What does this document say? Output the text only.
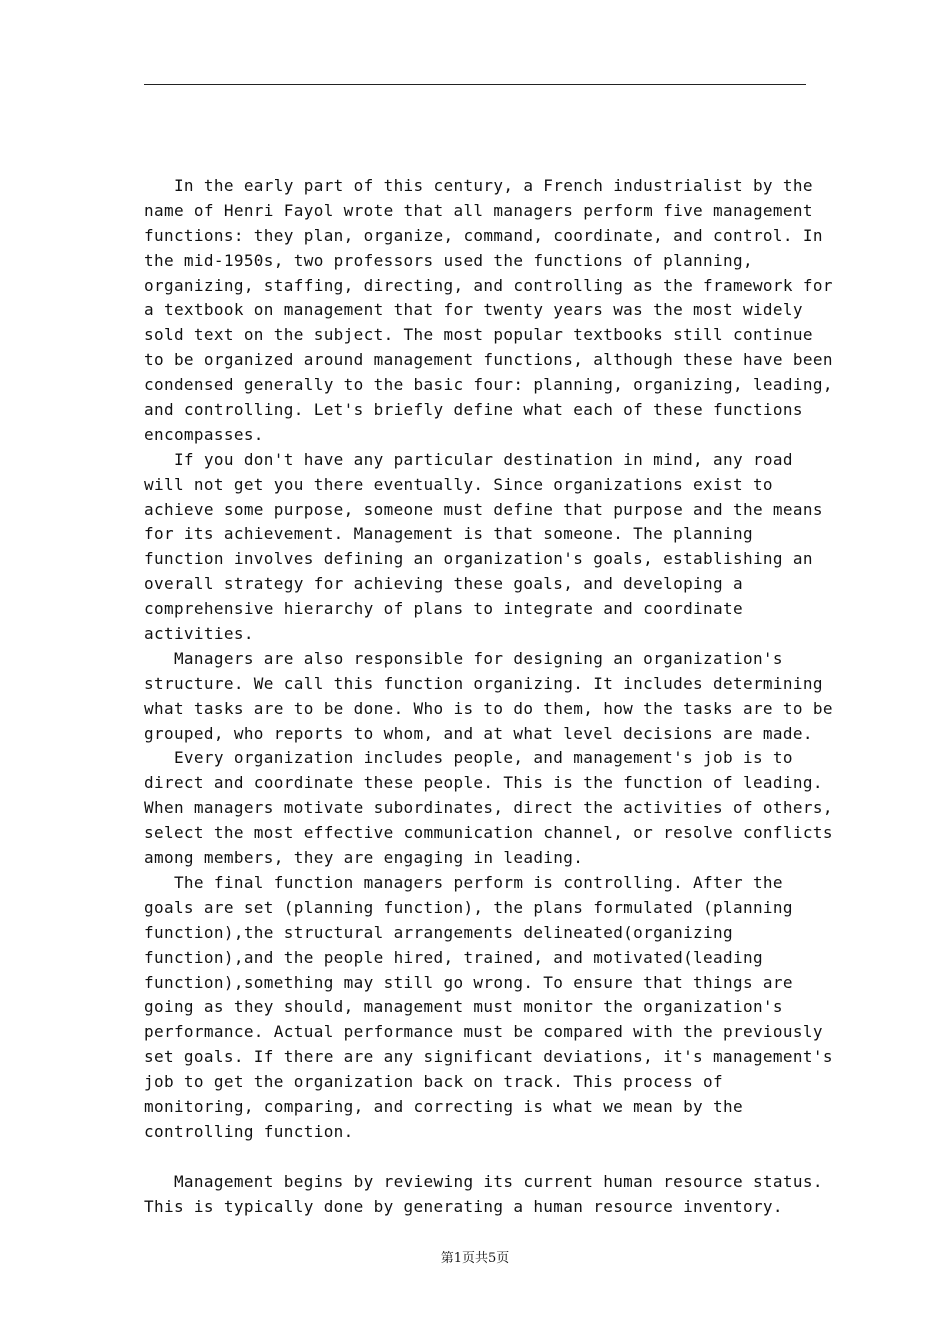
In the early part of this century, a French industrialist by the
name of Henri Fayol wrote that all managers perform five management
functions: they plan, organize, command, coordinate, and control. In
the mid-1950s, two professors used the functions of planning,
organizing, staffing, directing, and controlling as the framework for
a textbook on management that for twenty years was the most widely
sold text on the subject. The most popular textbooks still continue
to be organized around management functions, although these have been
condensed generally to the basic four: planning, organizing, leading,
and controlling. Let's briefly define what each of these functions
encompasses.
If you don't have any particular destination in mind, any road
will not get you there eventually. Since organizations exist to
achieve some purpose, someone must define that purpose and the means
for its achievement. Management is that someone. The planning
function involves defining an organization's goals, establishing an
overall strategy for achieving these goals, and developing a
comprehensive hierarchy of plans to integrate and coordinate
activities.
Managers are also responsible for designing an organization's
structure. We call this function organizing. It includes determining
what tasks are to be done. Who is to do them, how the tasks are to be
grouped, who reports to whom, and at what level decisions are made.
Every organization includes people, and management's job is to
direct and coordinate these people. This is the function of leading.
When managers motivate subordinates, direct the activities of others,
select the most effective communication channel, or resolve conflicts
among members, they are engaging in leading.
The final function managers perform is controlling. After the
goals are set (planning function), the plans formulated (planning
function),the structural arrangements delineated(organizing
function),and the people hired, trained, and motivated(leading
function),something may still go wrong. To ensure that things are
going as they should, management must monitor the organization's
performance. Actual performance must be compared with the previously
set goals. If there are any significant deviations, it's management's
job to get the organization back on track. This process of
monitoring, comparing, and correcting is what we mean by the
controlling function.
Management begins by reviewing its current human resource status.
This is typically done by generating a human resource inventory.
第1页共5页
